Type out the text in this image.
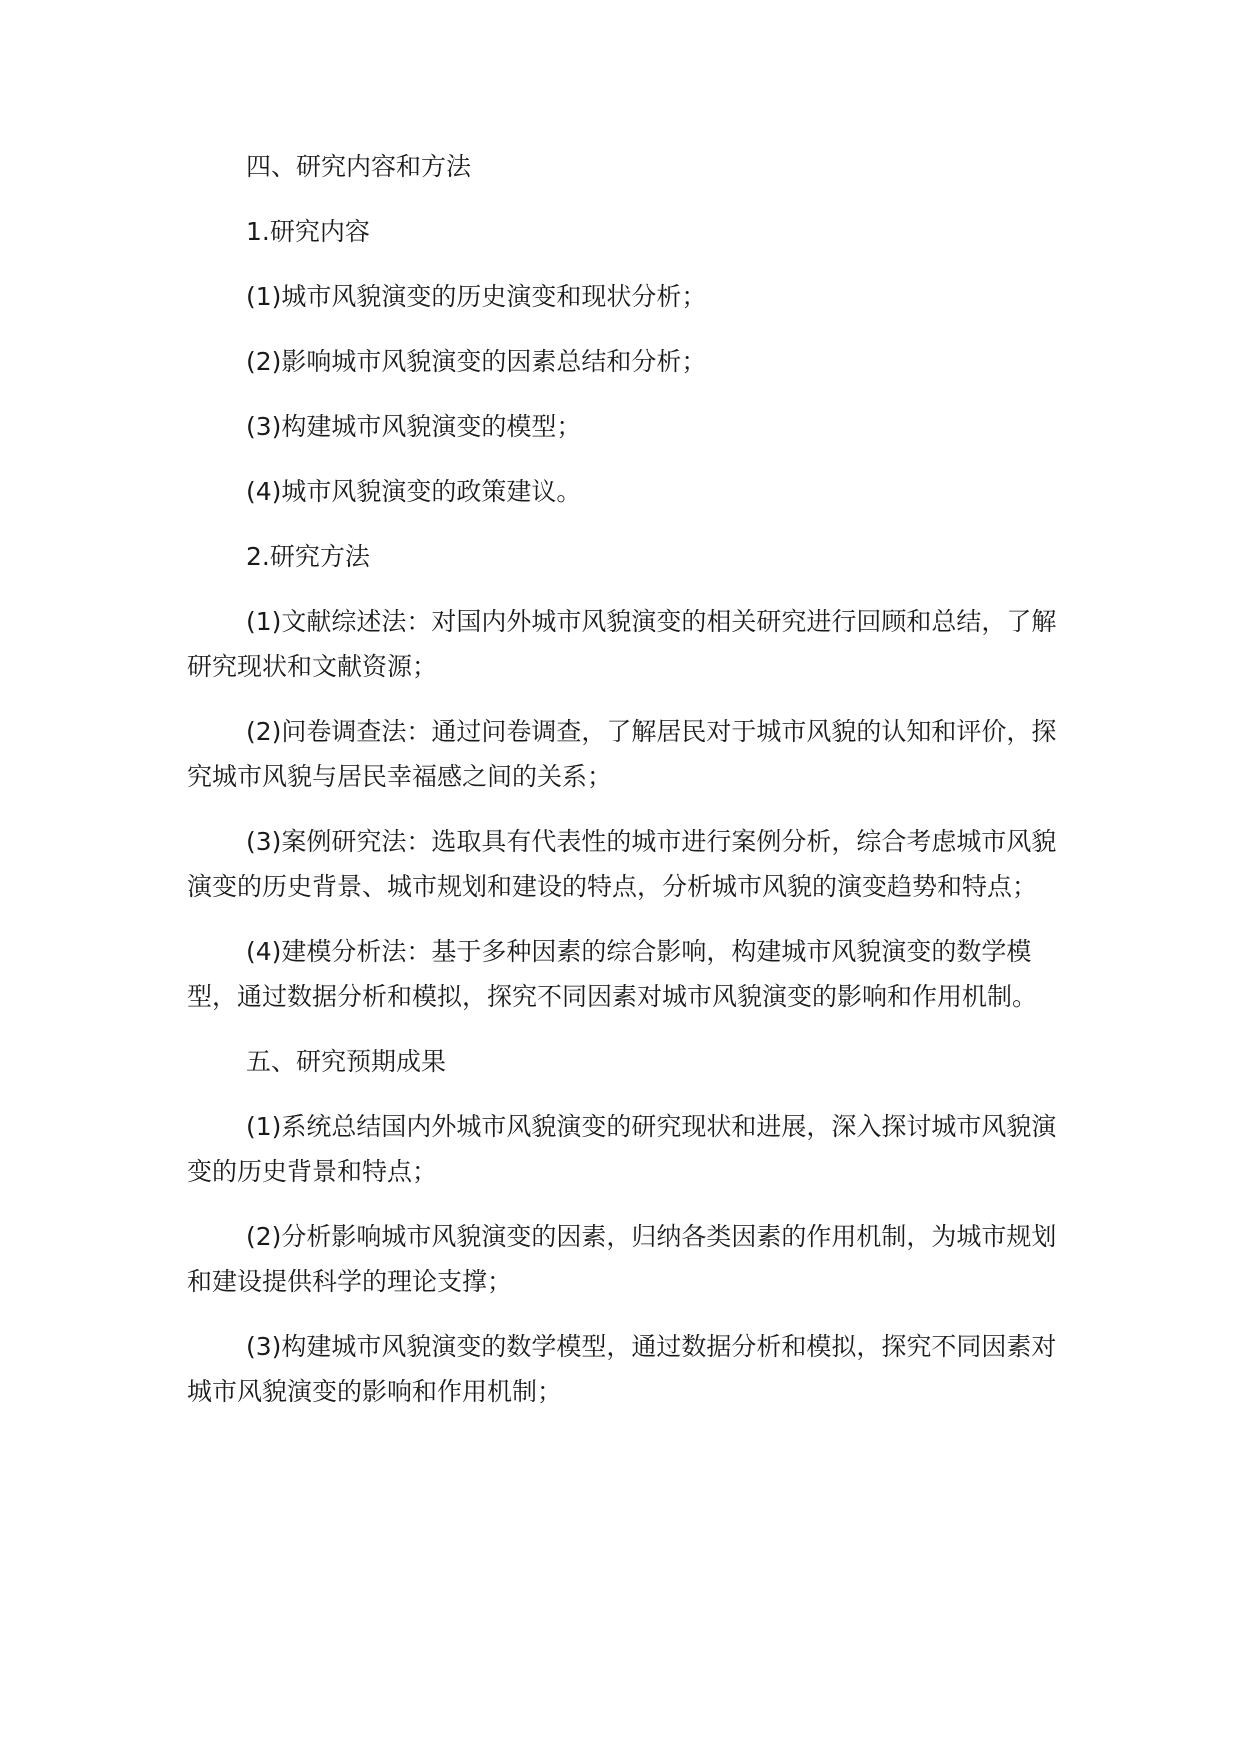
四、研究内容和方法

1.研究内容

(1)城市风貌演变的历史演变和现状分析；

(2)影响城市风貌演变的因素总结和分析；

(3)构建城市风貌演变的模型；

(4)城市风貌演变的政策建议。

2.研究方法

(1)文献综述法：对国内外城市风貌演变的相关研究进行回顾和总结，了解研究现状和文献资源；

(2)问卷调查法：通过问卷调查，了解居民对于城市风貌的认知和评价，探究城市风貌与居民幸福感之间的关系；

(3)案例研究法：选取具有代表性的城市进行案例分析，综合考虑城市风貌演变的历史背景、城市规划和建设的特点，分析城市风貌的演变趋势和特点；

(4)建模分析法：基于多种因素的综合影响，构建城市风貌演变的数学模型，通过数据分析和模拟，探究不同因素对城市风貌演变的影响和作用机制。

五、研究预期成果

(1)系统总结国内外城市风貌演变的研究现状和进展，深入探讨城市风貌演变的历史背景和特点；

(2)分析影响城市风貌演变的因素，归纳各类因素的作用机制，为城市规划和建设提供科学的理论支撑；

(3)构建城市风貌演变的数学模型，通过数据分析和模拟，探究不同因素对城市风貌演变的影响和作用机制；
